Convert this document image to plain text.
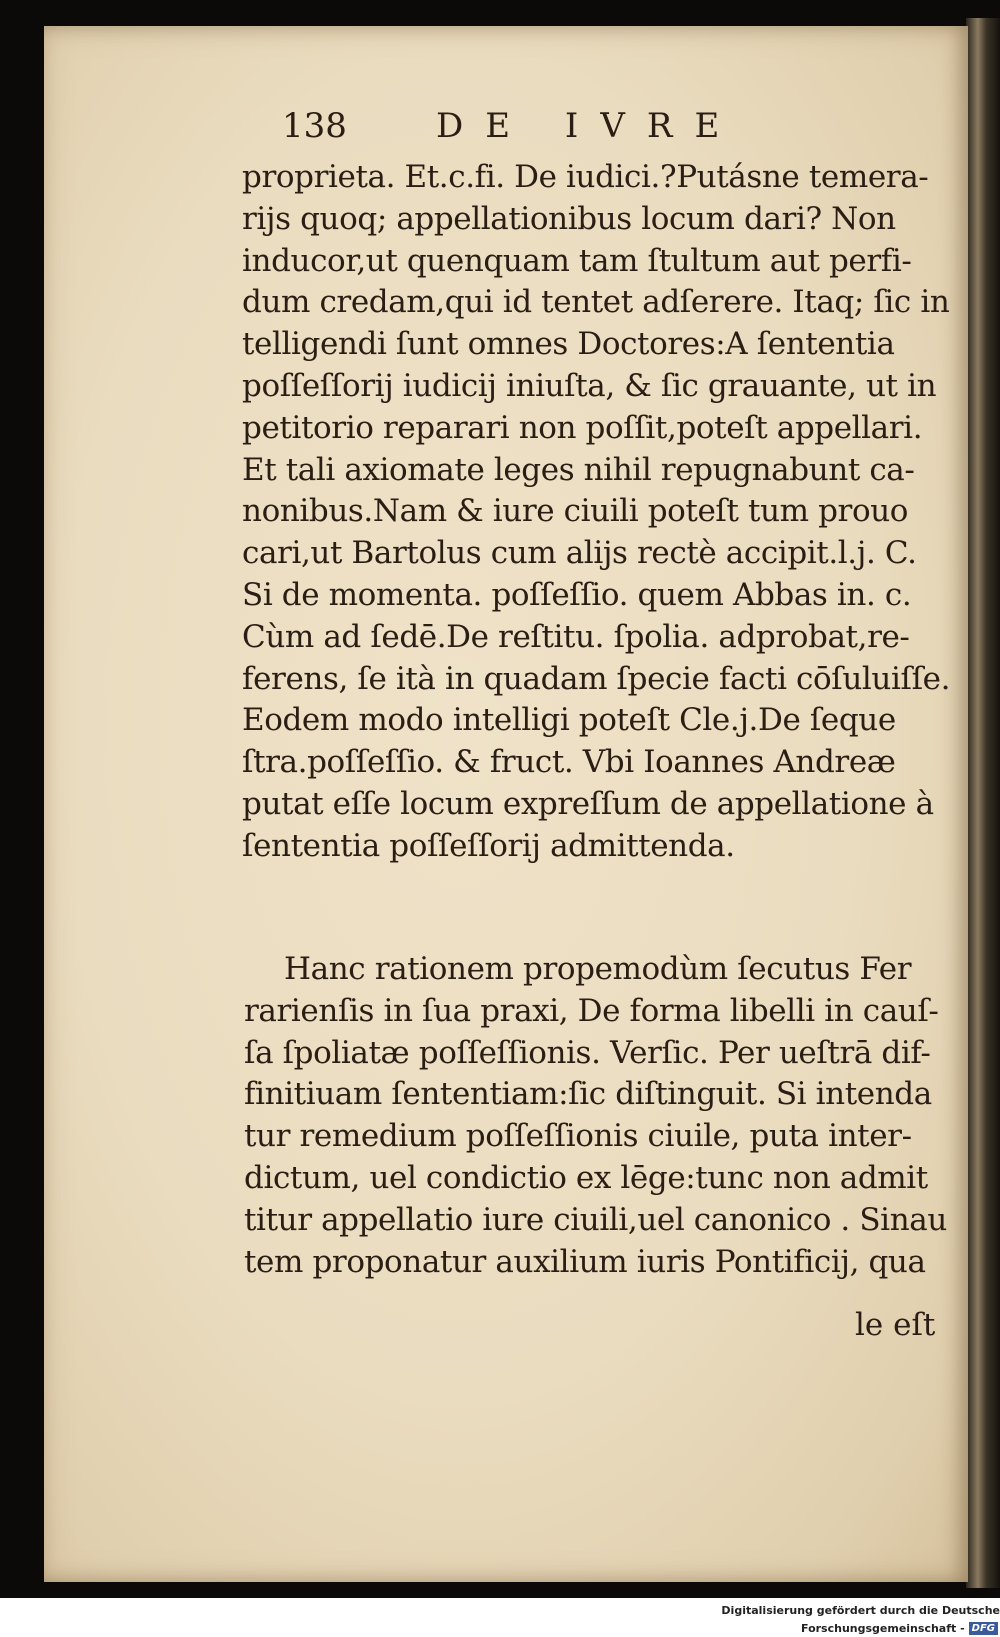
138	DE IVRE
proprieta. Et.c.fi. De iudici.?Putásne temera-
rijs quoq; appellationibus locum dari? Non
inducor,ut quenquam tam ſtultum aut perfi-
dum credam,qui id tentet adſerere. Itaq; ſic in
telligendi ſunt omnes Doctores:A ſententia
poſſeſſorij iudicij iniuſta, & ſic grauante, ut in
petitorio reparari non poſſit,poteſt appellari.
Et tali axiomate leges nihil repugnabunt ca-
nonibus.Nam & iure ciuili poteſt tum prouo
cari,ut Bartolus cum alijs rectè accipit.l.j. C.
Si de momenta. poſſeſſio. quem Abbas in. c.
Cùm ad ſedē.De reſtitu. ſpolia. adprobat,re-
ferens, ſe ità in quadam ſpecie facti cōſuluiſſe.
Eodem modo intelligi poteſt Cle.j.De ſeque
ſtra.poſſeſſio. & fruct. Vbi Ioannes Andreæ
putat eſſe locum expreſſum de appellatione à
ſententia poſſeſſorij admittenda.
Hanc rationem propemodùm ſecutus Fer
rarienſis in ſua praxi, De forma libelli in cauſ-
ſa ſpoliatæ poſſeſſionis. Verſic. Per ueſtrā dif-
finitiuam ſententiam:ſic diſtinguit. Si intenda
tur remedium poſſeſſionis ciuile, puta inter-
dictum, uel condictio ex lēge:tunc non admit
titur appellatio iure ciuili,uel canonico . Sinau
tem proponatur auxilium iuris Pontificij, qua
le eſt
Digitalisierung gefördert durch die Deutsche Forschungsgemeinschaft - DFG
